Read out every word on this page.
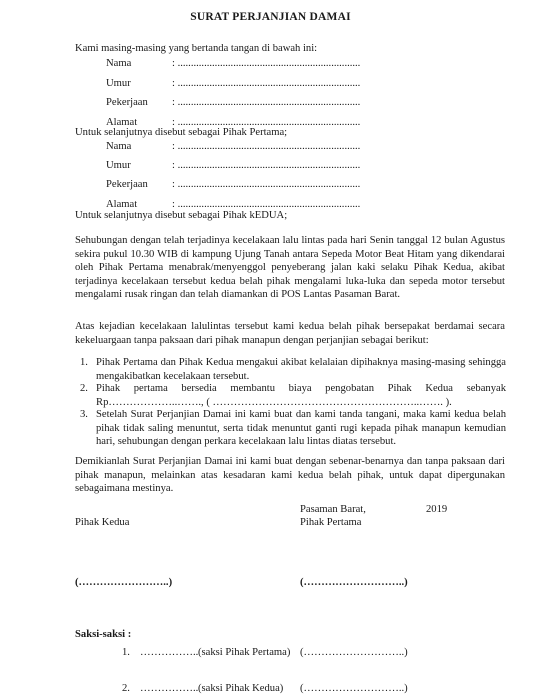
SURAT PERJANJIAN DAMAI
Kami masing-masing yang bertanda tangan di bawah ini:
Nama	: .....................................................................
Umur	: .....................................................................
Pekerjaan : .....................................................................
Alamat	: .....................................................................
Untuk selanjutnya disebut sebagai Pihak Pertama;
Nama	: .....................................................................
Umur	: .....................................................................
Pekerjaan : .....................................................................
Alamat	: .....................................................................
Untuk selanjutnya disebut sebagai Pihak kEDUA;
Sehubungan dengan telah terjadinya kecelakaan lalu lintas pada hari Senin tanggal 12 bulan Agustus sekira pukul 10.30 WIB di kampung Ujung Tanah antara Sepeda Motor Beat Hitam yang dikendarai oleh Pihak Pertama menabrak/menyenggol penyeberang jalan kaki selaku Pihak Kedua, akibat terjadinya kecelakaan tersebut kedua belah pihak mengalami luka-luka dan sepeda motor tersebut mengalami rusak ringan dan telah diamankan di POS Lantas Pasaman Barat.
Atas kejadian kecelakaan lalulintas tersebut kami kedua belah pihak bersepakat berdamai secara kekeluargaan tanpa paksaan dari pihak manapun dengan perjanjian sebagai berikut:
1. Pihak Pertama dan Pihak Kedua mengakui akibat kelalaian dipihaknya masing-masing sehingga mengakibatkan kecelakaan tersebut.
2. Pihak pertama bersedia membantu biaya pengobatan Pihak Kedua sebanyak Rp………………..……., ( …………………………………………………..……. ).
3. Setelah Surat Perjanjian Damai ini kami buat dan kami tanda tangani, maka kami kedua belah pihak tidak saling menuntut, serta tidak menuntut ganti rugi kepada pihak manapun kemudian hari, sehubungan dengan perkara kecelakaan lalu lintas diatas tersebut.
Demikianlah Surat Perjanjian Damai ini kami buat dengan sebenar-benarnya dan tanpa paksaan dari pihak manapun, melainkan atas kesadaran kami kedua belah pihak, untuk dapat dipergunakan sebagaimana mestinya.
Pasaman Barat,	2019
Pihak Kedua	Pihak Pertama
(……………………..)	(………………………..)
Saksi-saksi :
1. …………….. (saksi Pihak Pertama) (………………………..)
2. …………….. (saksi Pihak Kedua) (………………………..)
